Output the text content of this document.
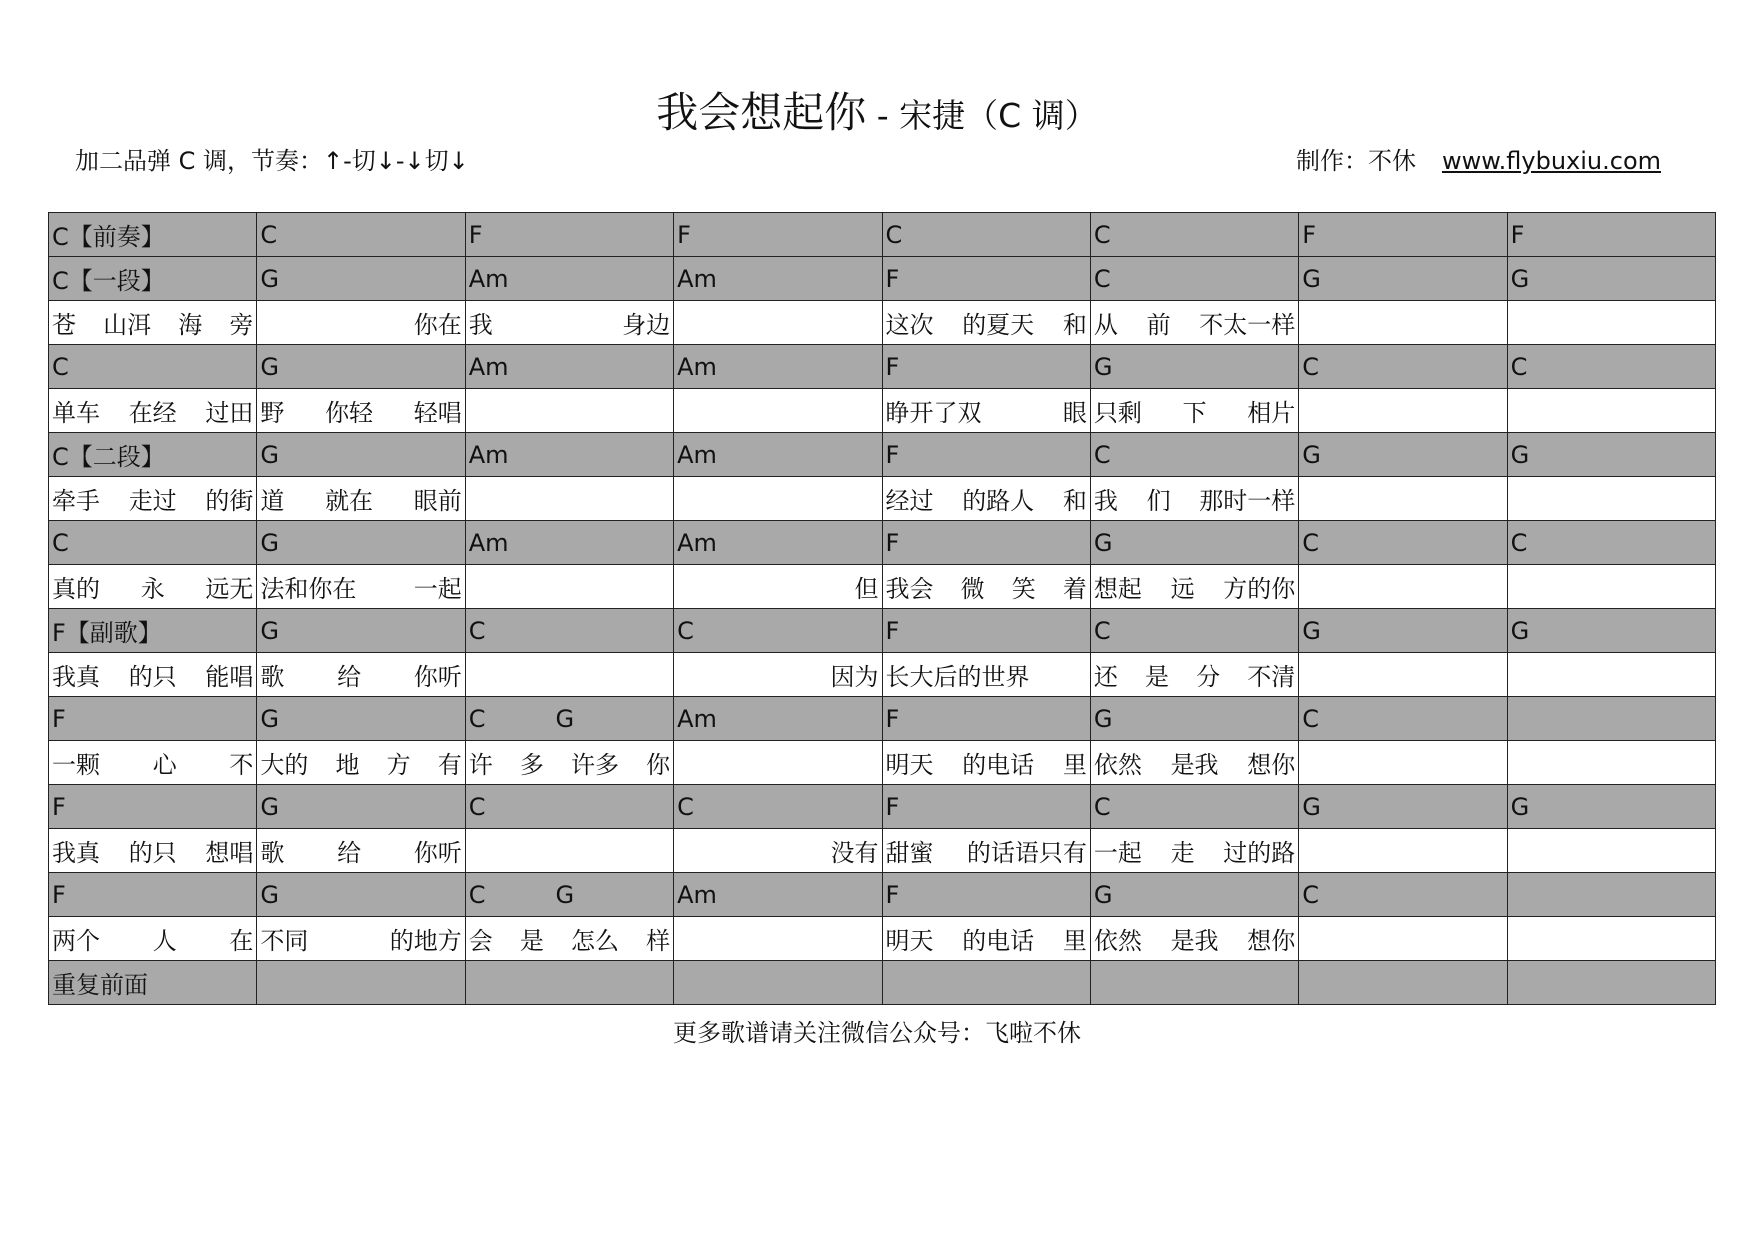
我会想起你 - 宋捷（C 调）
加二品弹 C 调，节奏：↑-切↓-↓切↓	制作：不休 www.flybuxiu.com
C【前奏】	C	F	F	C	C	F	F

C【一段】	G	Am	Am	F	C	G	G

苍 山洱 海 旁	你在	我 身边		这次 的夏天 和	从 前 不太一样		

C	G	Am	Am	F	G	C	C

单车 在经 过田	野 你轻 轻唱			睁开了双 眼	只剩 下 相片		

C【二段】	G	Am	Am	F	C	G	G

牵手 走过 的街	道 就在 眼前			经过 的路人 和	我 们 那时一样		

C	G	Am	Am	F	G	C	C

真的 永 远无	法和你在 一起		但	我会 微 笑 着	想起 远 方的你		

F【副歌】	G	C	C	F	C	G	G

我真 的只 能唱	歌 给 你听		因为	长大后的世界	还 是 分 不清		

F	G	C G	Am	F	G	C	

一颗 心 不	大的 地 方 有	许 多 许多 你		明天 的电话 里	依然 是我 想你		

F	G	C	C	F	C	G	G

我真 的只 想唱	歌 给 你听		没有	甜蜜 的话语只有	一起 走 过的路		

F	G	C G	Am	F	G	C	

两个 人 在	不同 的地方	会 是 怎么 样		明天 的电话 里	依然 是我 想你		

重复前面							

更多歌谱请关注微信公众号：飞啦不休
